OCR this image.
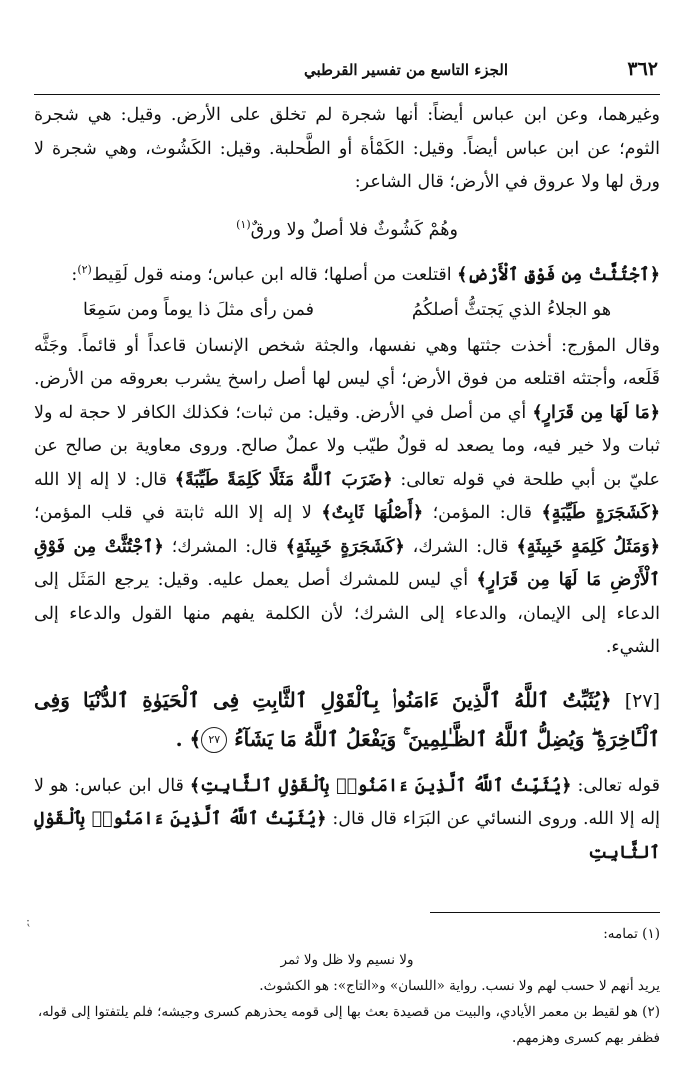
٣٦٢
الجزء التاسع من تفسير القرطبي

وغيرهما، وعن ابن عباس أيضاً: أنها شجرة لم تخلق على الأرض. وقيل: هي شجرة الثوم؛ عن ابن عباس أيضاً. وقيل: الكَمْأة أو الطَّحلبة. وقيل: الكَشُوث، وهي شجرة لا ورق لها ولا عروق في الأرض؛ قال الشاعر:

وهُمْ كَشُوثٌ فلا أصلٌ ولا ورقٌ$^{(١)}$

﴿ٱجْتُثَّتْ مِن فَوْقِ ٱلْأَرْضِ﴾ اقتلعت من أصلها؛ قاله ابن عباس؛ ومنه قول لَقِيط$^{(٢)}$:

هو الجلاءُ الذي يَجتثُّ أصلكُمُ
فمن رأى مثلَ ذا يوماً ومن سَمِعَا

وقال المؤرج: أخذت جثتها وهي نفسها، والجثة شخص الإنسان قاعداً أو قائماً. وجَثَّه قَلَعه، وأجتثه اقتلعه من فوق الأرض؛ أي ليس لها أصل راسخ يشرب بعروقه من الأرض. ﴿مَا لَهَا مِن قَرَارٍ﴾ أي من أصل في الأرض. وقيل: من ثبات؛ فكذلك الكافر لا حجة له ولا ثبات ولا خير فيه، وما يصعد له قولٌ طيّب ولا عملٌ صالح. وروى معاوية بن صالح عن عليّ بن أبي طلحة في قوله تعالى: ﴿ضَرَبَ ٱللَّهُ مَثَلًا كَلِمَةً طَيِّبَةً﴾ قال: لا إله إلا الله ﴿كَشَجَرَةٍ طَيِّبَةٍ﴾ قال: المؤمن؛ ﴿أَصْلُهَا ثَابِتٌ﴾ لا إله إلا الله ثابتة في قلب المؤمن؛ ﴿وَمَثَلُ كَلِمَةٍ خَبِيثَةٍ﴾ قال: الشرك، ﴿كَشَجَرَةٍ خَبِيثَةٍ﴾ قال: المشرك؛ ﴿ٱجْتُثَّتْ مِن فَوْقِ ٱلْأَرْضِ مَا لَهَا مِن قَرَارٍ﴾ أي ليس للمشرك أصل يعمل عليه. وقيل: يرجع المَثَل إلى الدعاء إلى الإيمان، والدعاء إلى الشرك؛ لأن الكلمة يفهم منها القول والدعاء إلى الشيء.

[٢٧] ﴿يُثَبِّتُ ٱللَّهُ ٱلَّذِينَ ءَامَنُوا۟ بِٱلْقَوْلِ ٱلثَّابِتِ فِى ٱلْحَيَوٰةِ ٱلدُّنْيَا وَفِى ٱلْـَٔاخِرَةِ ۖ وَيُضِلُّ ٱللَّهُ ٱلظَّـٰلِمِينَ ۚ وَيَفْعَلُ ٱللَّهُ مَا يَشَآءُ ٢٧﴾ .

قوله تعالى: ﴿يُثَبِّتُ ٱللَّهُ ٱلَّذِينَ ءَامَنُوا۟ بِٱلْقَوْلِ ٱلثَّابِتِ﴾ قال ابن عباس: هو لا إله إلا الله. وروى النسائي عن البَرَاء قال قال: ﴿يُثَبِّتُ ٱللَّهُ ٱلَّذِينَ ءَامَنُوا۟ بِٱلْقَوْلِ ٱلثَّابِتِ

(١) تمامه:

ولا نسيم ولا ظل ولا ثمر

يريد أنهم لا حسب لهم ولا نسب. رواية «اللسان» و«التاج»: هو الكشوث.

(٢) هو لقيط بن معمر الأيادي، والبيت من قصيدة بعث بها إلى قومه يحذرهم كسرى وجيشه؛ فلم يلتفتوا إلى قوله، فظفر بهم كسرى وهزمهم.

⁏
